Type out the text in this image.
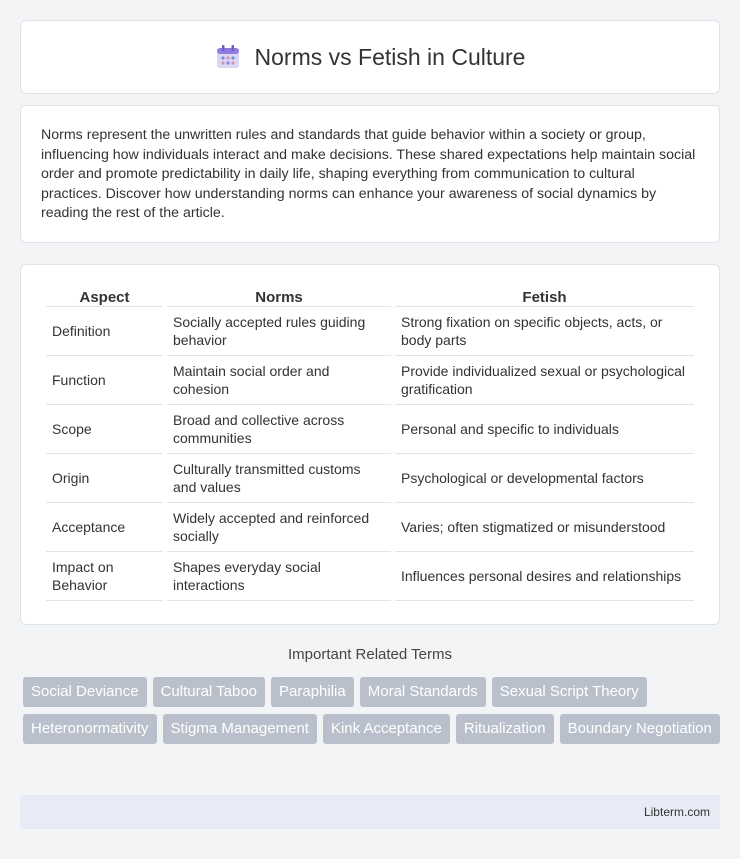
Norms vs Fetish in Culture

Norms represent the unwritten rules and standards that guide behavior within a society or group, influencing how individuals interact and make decisions. These shared expectations help maintain social order and promote predictability in daily life, shaping everything from communication to cultural practices. Discover how understanding norms can enhance your awareness of social dynamics by reading the rest of the article.

Aspect	Norms	Fetish
Definition	Socially accepted rules guiding behavior	Strong fixation on specific objects, acts, or body parts
Function	Maintain social order and cohesion	Provide individualized sexual or psychological gratification
Scope	Broad and collective across communities	Personal and specific to individuals
Origin	Culturally transmitted customs and values	Psychological or developmental factors
Acceptance	Widely accepted and reinforced socially	Varies; often stigmatized or misunderstood
Impact on Behavior	Shapes everyday social interactions	Influences personal desires and relationships
Important Related Terms
Social Deviance	Cultural Taboo	Paraphilia	Moral Standards	Sexual Script Theory
Heteronormativity	Stigma Management	Kink Acceptance	Ritualization	Boundary Negotiation
Libterm.com
